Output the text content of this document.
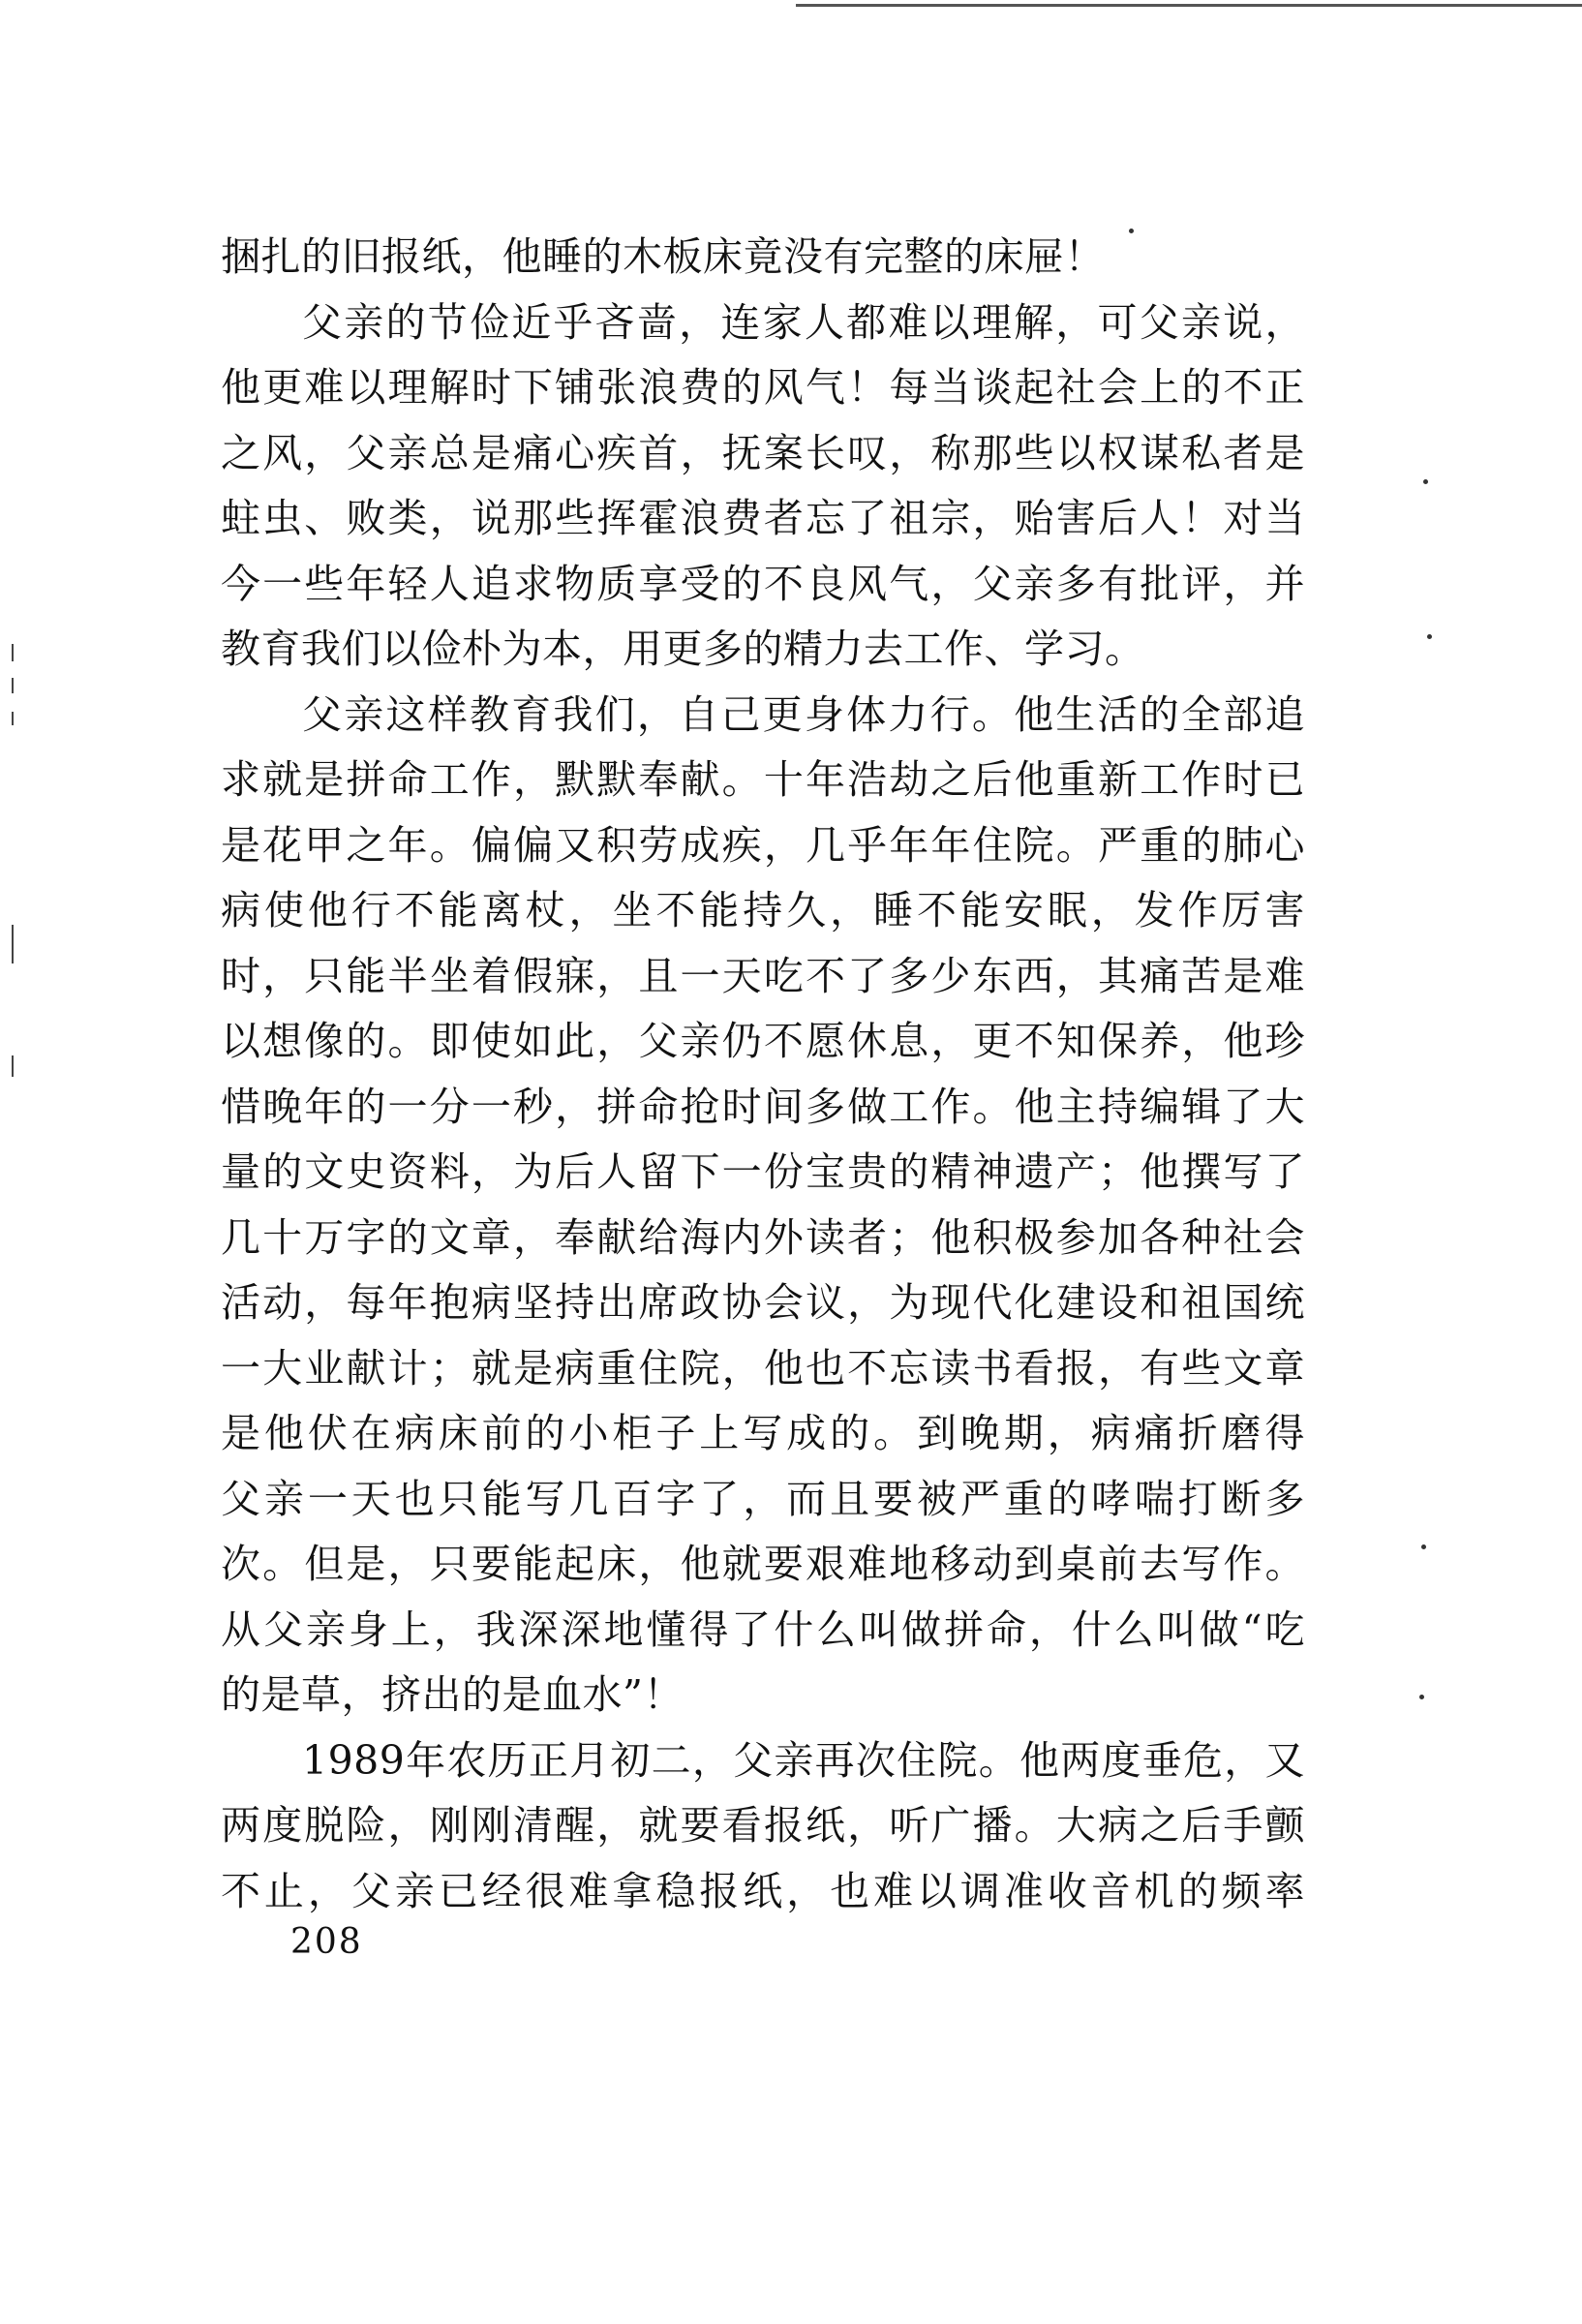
捆扎的旧报纸，他睡的木板床竟没有完整的床屉！
父亲的节俭近乎吝啬，连家人都难以理解，可父亲说，
他更难以理解时下铺张浪费的风气！每当谈起社会上的不正
之风，父亲总是痛心疾首，抚案长叹，称那些以权谋私者是
蛀虫、败类，说那些挥霍浪费者忘了祖宗，贻害后人！对当
今一些年轻人追求物质享受的不良风气，父亲多有批评，并
教育我们以俭朴为本，用更多的精力去工作、学习。
父亲这样教育我们，自己更身体力行。他生活的全部追
求就是拼命工作，默默奉献。十年浩劫之后他重新工作时已
是花甲之年。偏偏又积劳成疾，几乎年年住院。严重的肺心
病使他行不能离杖，坐不能持久，睡不能安眠，发作厉害
时，只能半坐着假寐，且一天吃不了多少东西，其痛苦是难
以想像的。即使如此，父亲仍不愿休息，更不知保养，他珍
惜晚年的一分一秒，拼命抢时间多做工作。他主持编辑了大
量的文史资料，为后人留下一份宝贵的精神遗产；他撰写了
几十万字的文章，奉献给海内外读者；他积极参加各种社会
活动，每年抱病坚持出席政协会议，为现代化建设和祖国统
一大业献计；就是病重住院，他也不忘读书看报，有些文章
是他伏在病床前的小柜子上写成的。到晚期，病痛折磨得
父亲一天也只能写几百字了，而且要被严重的哮喘打断多
次。但是，只要能起床，他就要艰难地移动到桌前去写作。
从父亲身上，我深深地懂得了什么叫做拼命，什么叫做“吃
的是草，挤出的是血水”！
1989年农历正月初二，父亲再次住院。他两度垂危，又
两度脱险，刚刚清醒，就要看报纸，听广播。大病之后手颤
不止，父亲已经很难拿稳报纸，也难以调准收音机的频率
208
